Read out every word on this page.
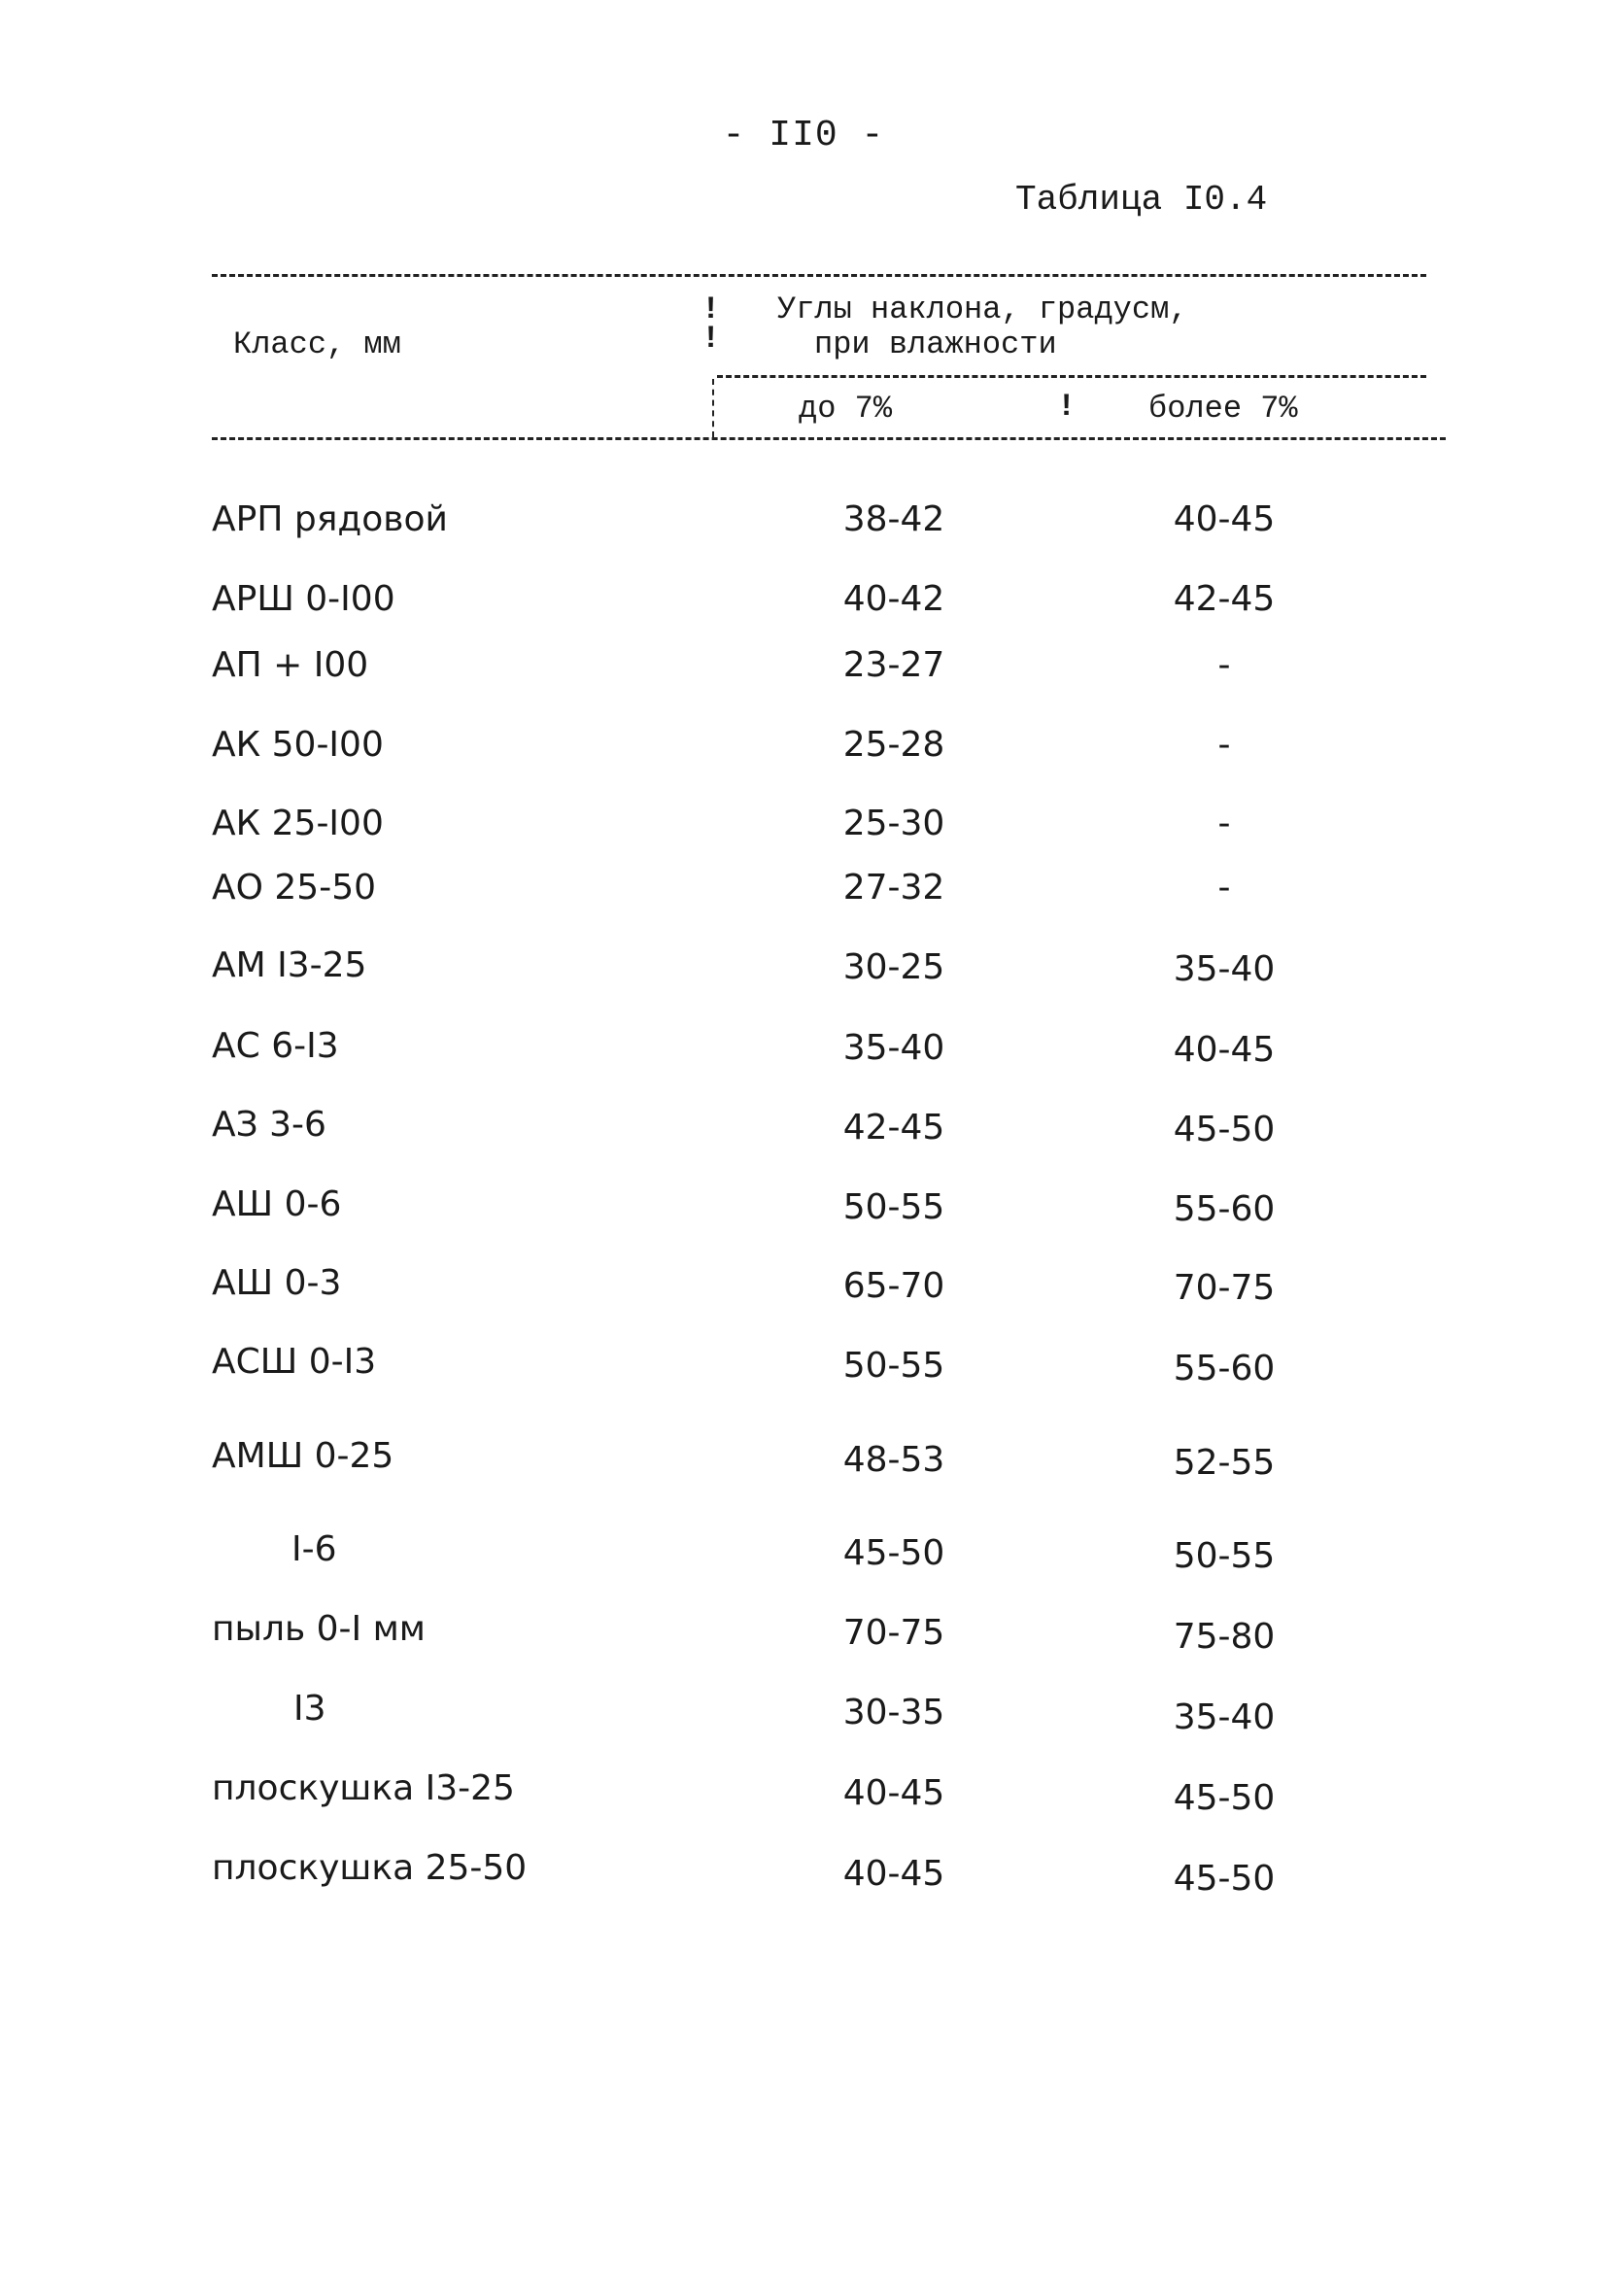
- II0 -
Таблица I0.4
!
!
!
Класс, мм
Углы наклона, градусм,
при влажности
до 7%	более 7%
АРП рядовой	38-42	40-45
АРШ 0-I00	40-42	42-45
АП + I00	23-27	-
АК 50-I00	25-28	-
АК 25-I00	25-30	-
АО 25-50	27-32	-
АМ I3-25	30-25	35-40
АС 6-I3	35-40	40-45
АЗ 3-6	42-45	45-50
АШ 0-6	50-55	55-60
АШ 0-3	65-70	70-75
АСШ 0-I3	50-55	55-60
АМШ 0-25	48-53	52-55
I-6	45-50	50-55
пыль 0-I мм	70-75	75-80
I3	30-35	35-40
плоскушка I3-25	40-45	45-50
плоскушка 25-50	40-45	45-50
